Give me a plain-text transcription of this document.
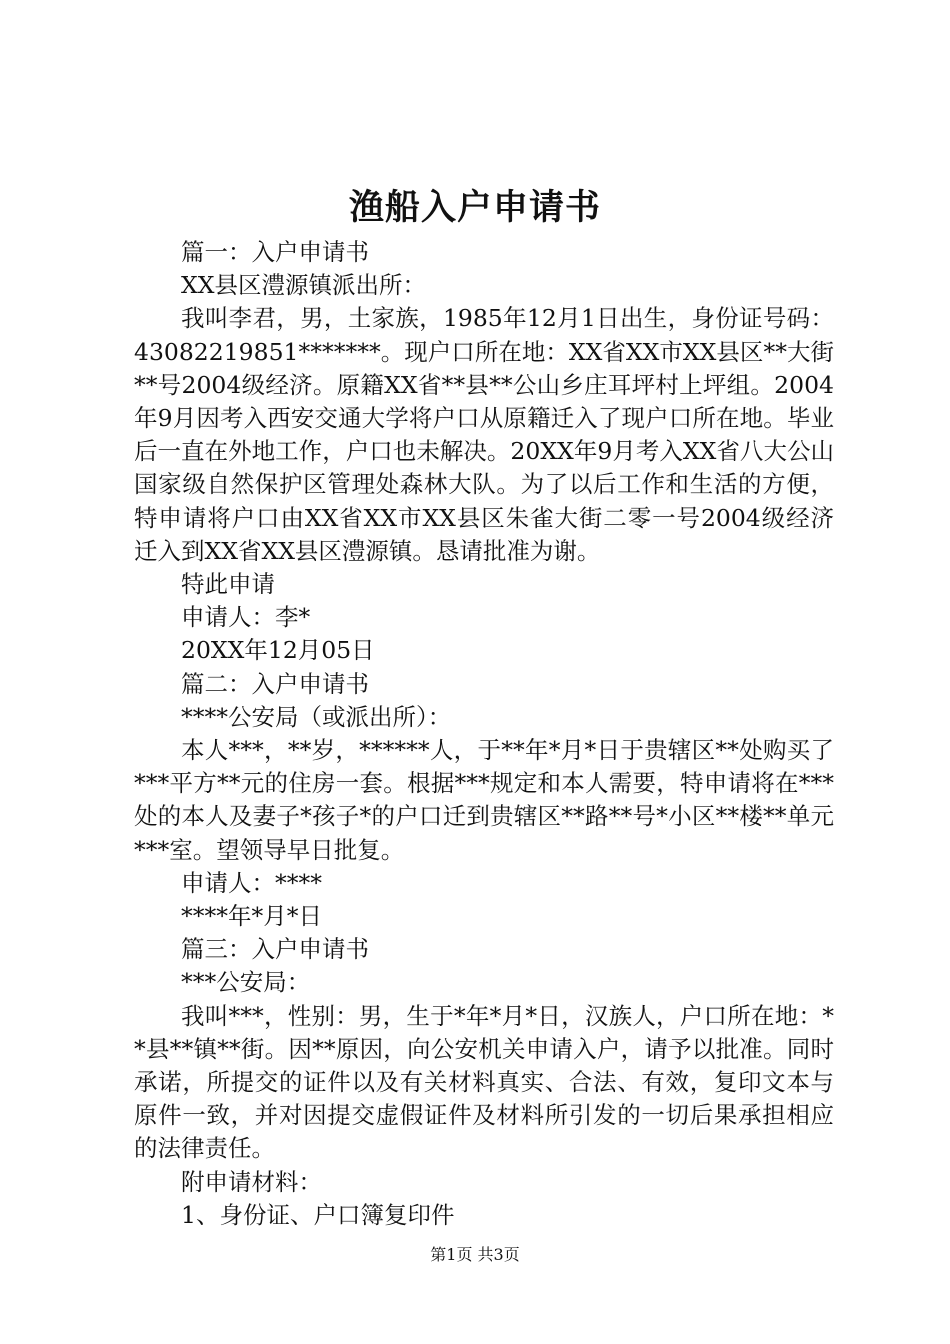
渔船入户申请书

篇一：入户申请书

XX县区澧源镇派出所：

我叫李君，男，土家族，1985年12月1日出生，身份证号码：43082219851*******。现户口所在地：XX省XX市XX县区**大街**号2004级经济。原籍XX省**县**公山乡庄耳坪村上坪组。2004年9月因考入西安交通大学将户口从原籍迁入了现户口所在地。毕业后一直在外地工作，户口也未解决。20XX年9月考入XX省八大公山国家级自然保护区管理处森林大队。为了以后工作和生活的方便，特申请将户口由XX省XX市XX县区朱雀大街二零一号2004级经济迁入到XX省XX县区澧源镇。恳请批准为谢。

特此申请

申请人：李*

20XX年12月05日

篇二：入户申请书

****公安局（或派出所）：

本人***，**岁，******人，于**年*月*日于贵辖区**处购买了***平方**元的住房一套。根据***规定和本人需要，特申请将在***处的本人及妻子*孩子*的户口迁到贵辖区**路**号*小区**楼**单元***室。望领导早日批复。

申请人：****

****年*月*日

篇三：入户申请书

***公安局：

我叫***，性别：男，生于*年*月*日，汉族人，户口所在地：**县**镇**街。因**原因，向公安机关申请入户，请予以批准。同时承诺，所提交的证件以及有关材料真实、合法、有效，复印文本与原件一致，并对因提交虚假证件及材料所引发的一切后果承担相应的法律责任。

附申请材料：

1、身份证、户口簿复印件

第1页 共3页
